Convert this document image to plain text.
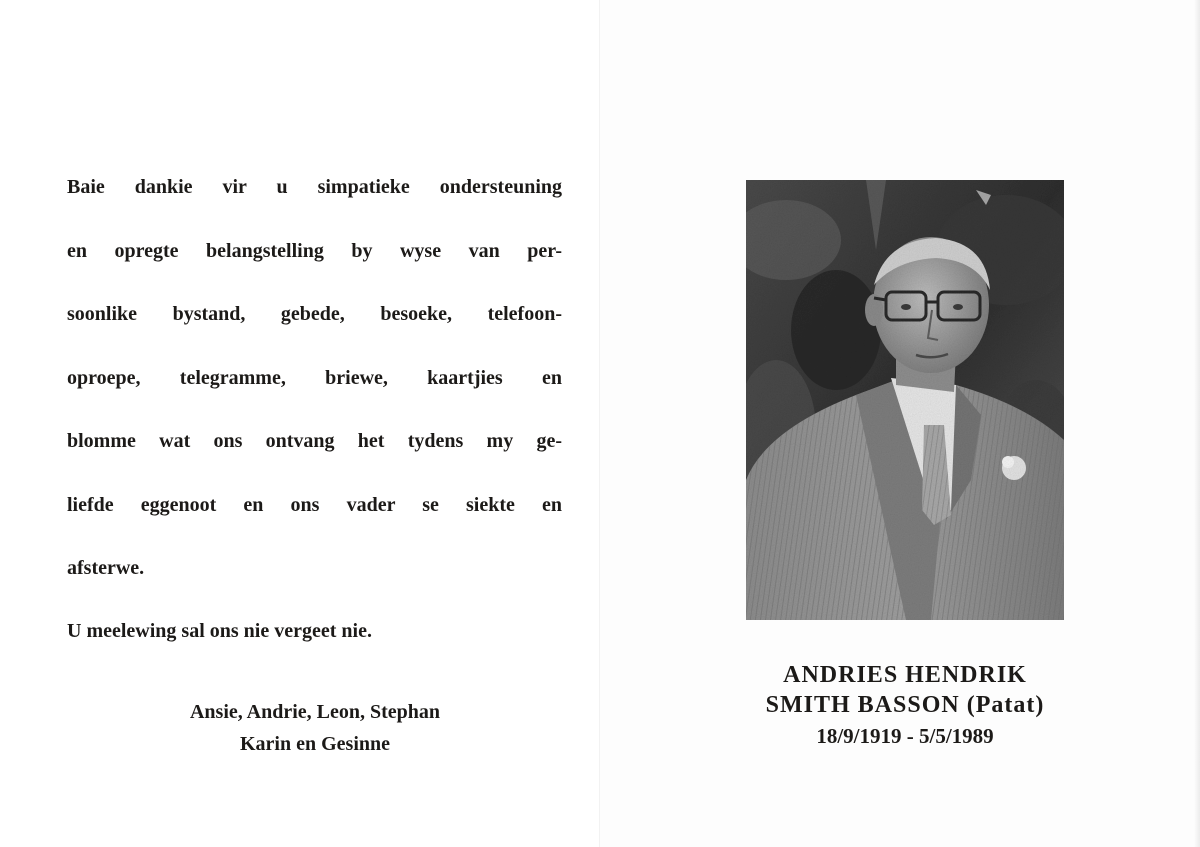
Baie dankie vir u simpatieke ondersteuning
en opregte belangstelling by wyse van per-
soonlike bystand, gebede, besoeke, telefoon-
oproepe, telegramme, briewe, kaartjies en
blomme wat ons ontvang het tydens my ge-
liefde eggenoot en ons vader se siekte en
afsterwe.
U meelewing sal ons nie vergeet nie.
Ansie, Andrie, Leon, Stephan
Karin en Gesinne
ANDRIES HENDRIK
SMITH BASSON (Patat)
18/9/1919 - 5/5/1989
